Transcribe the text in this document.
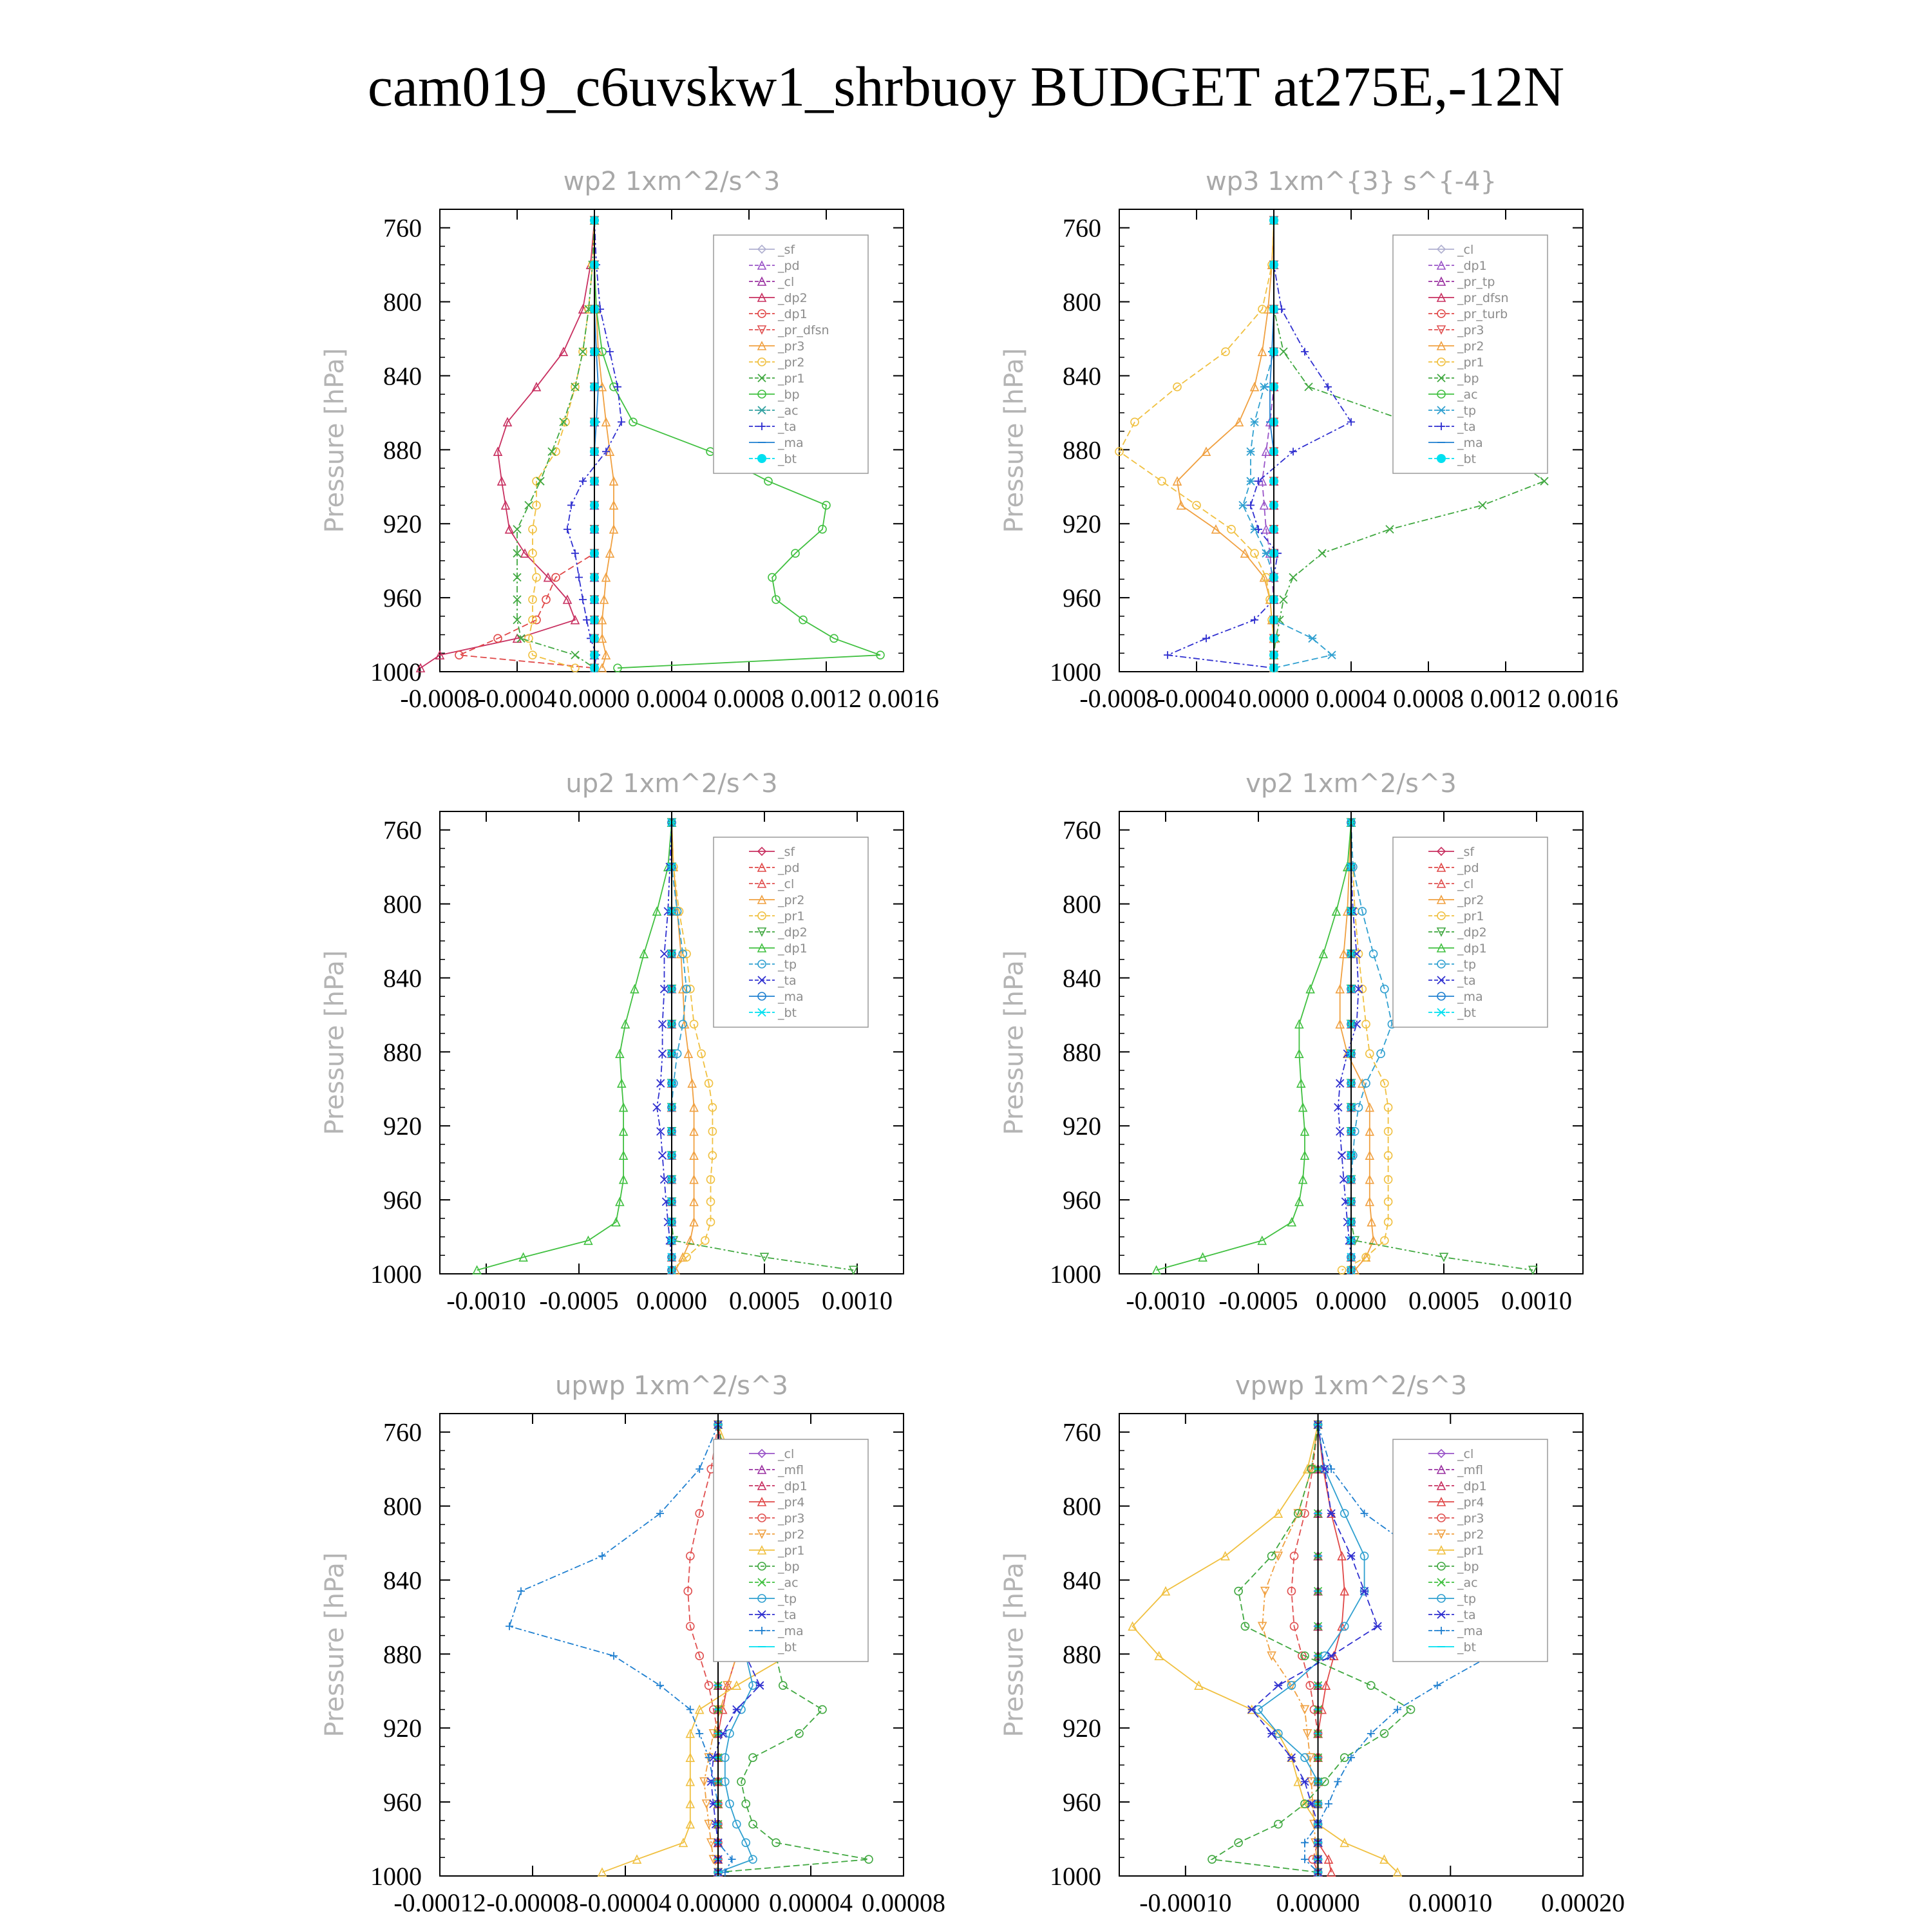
cam019_c6uvskw1_shrbuoy BUDGET at275E,-12N
wp2 1xm^2/s^3
Pressure [hPa]
760
800
840
880
920
960
1000
-0.0008
-0.0004 0.0000 0.0004 0.0008 0.0012 0.0016
_sf
_pd
_cl
_dp2
_dp1
_pr_dfsn
_pr3
_pr2
_pr1
_bp
_ac
_ta
_ma
_bt
wp3 1xm^{3} s^{-4}
Pressure [hPa]
760
800
840
880
920
960
1000
-0.0008
-0.0004 0.0000 0.0004 0.0008 0.0012 0.0016
_cl
_dp1
_pr_tp
_pr_dfsn
_pr_turb
_pr3
_pr2
_pr1
_bp
_ac
_tp
_ta
_ma
_bt
up2 1xm^2/s^3
Pressure [hPa]
760
800
840
880
920
960
1000
-0.0010 -0.0005 0.0000 0.0005 0.0010
_sf
_pd
_cl
_pr2
_pr1
_dp2
_dp1
_tp
_ta
_ma
_bt
vp2 1xm^2/s^3
Pressure [hPa]
760
800
840
880
920
960
1000
-0.0010 -0.0005 0.0000 0.0005 0.0010
_sf
_pd
_cl
_pr2
_pr1
_dp2
_dp1
_tp
_ta
_ma
_bt
upwp 1xm^2/s^3
Pressure [hPa]
760
800
840
880
920
960
1000
-0.00012 -0.00008 -0.00004 0.00000 0.00004 0.00008
_cl
_mfl
_dp1
_pr4
_pr3
_pr2
_pr1
_bp
_ac
_tp
_ta
_ma
_bt
vpwp 1xm^2/s^3
Pressure [hPa]
760
800
840
880
920
960
1000
-0.00010 0.00000 0.00010 0.00020
_cl
_mfl
_dp1
_pr4
_pr3
_pr2
_pr1
_bp
_ac
_tp
_ta
_ma
_bt
